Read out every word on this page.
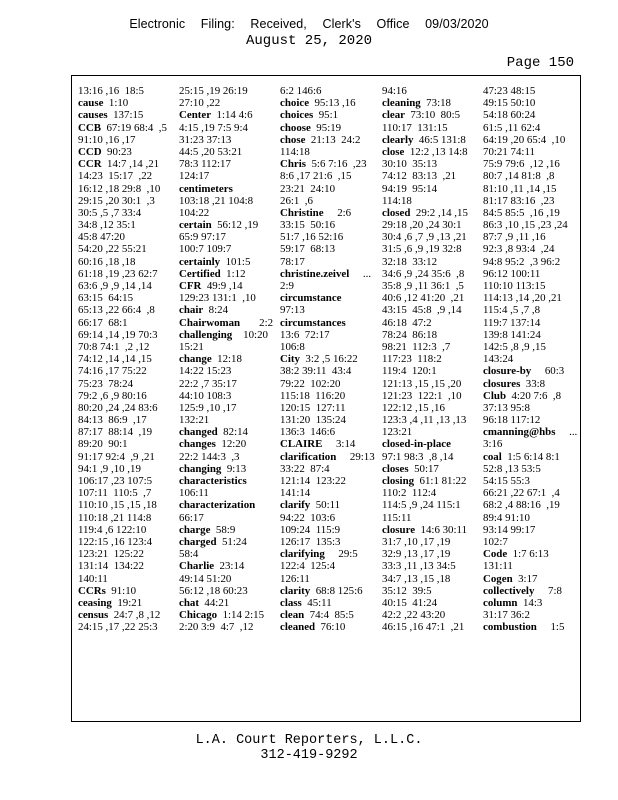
Electronic Filing: Received, Clerk's Office 09/03/2020
August 25, 2020
Page 150
13:16 ,16  18:5
cause  1:10
causes  137:15
CCB  67:19 68:4  ,5
91:10 ,16 ,17
CCD  90:23
CCR  14:7 ,14 ,21
14:23  15:17  ,22
16:12 ,18 29:8  ,10
29:15 ,20 30:1  ,3
30:5 ,5 ,7 33:4
34:8 ,12 35:1
45:8 47:20
54:20 ,22 55:21
60:16 ,18 ,18
61:18 ,19 ,23 62:7
63:6 ,9 ,9 ,14 ,14
63:15  64:15
65:13 ,22 66:4  ,8
66:17  68:1
69:14 ,14 ,19 70:3
70:8 74:1  ,2 ,12
74:12 ,14 ,14 ,15
74:16 ,17 75:22
75:23  78:24
79:2 ,6 ,9 80:16
80:20 ,24 ,24 83:6
84:13  86:9  ,17
87:17  88:14  ,19
89:20  90:1
91:17 92:4  ,9 ,21
94:1 ,9 ,10 ,19
106:17 ,23 107:5
107:11  110:5  ,7
110:10 ,15 ,15 ,18
110:18 ,21 114:8
119:4 ,6 122:10
122:15 ,16 123:4
123:21  125:22
131:14  134:22
140:11
CCRs  91:10
ceasing  19:21
census  24:7 ,8 ,12
24:15 ,17 ,22 25:3
25:15 ,19 26:19
27:10 ,22
Center  1:14 4:6
4:15 ,19 7:5 9:4
31:23 37:13
44:5 ,20 53:21
78:3 112:17
124:17
centimeters
103:18 ,21 104:8
104:22
certain  56:12 ,19
65:9 97:17
100:7 109:7
certainly  101:5
Certified  1:12
CFR  49:9 ,14
129:23 131:1  ,10
chair  8:24
Chairwoman       2:2
challenging    10:20
15:21
change  12:18
14:22 15:23
22:2 ,7 35:17
44:10 108:3
125:9 ,10 ,17
132:21
changed  82:14
changes  12:20
22:2 144:3  ,3
changing  9:13
characteristics
106:11
characterization
66:17
charge  58:9
charged  51:24
58:4
Charlie  23:14
49:14 51:20
56:12 ,18 60:23
chat  44:21
Chicago  1:14 2:15
2:20 3:9  4:7  ,12
6:2 146:6
choice  95:13 ,16
choices  95:1
choose  95:19
chose  21:13  24:2
114:18
Chris  5:6 7:16  ,23
8:6 ,17 21:6  ,15
23:21  24:10
26:1  ,6
Christine     2:6
33:15  50:16
51:7 ,16 52:16
59:17  68:13
78:17
christine.zeivel     ...
2:9
circumstance
97:13
circumstances
13:6  72:17
106:8
City  3:2 ,5 16:22
38:2 39:11  43:4
79:22  102:20
115:18  116:20
120:15  127:11
131:20  135:24
136:3  146:6
CLAIRE     3:14
clarification     29:13
33:22  87:4
121:14  123:22
141:14
clarify  50:11
94:22  103:6
109:24  115:9
126:17  135:3
clarifying     29:5
122:4  125:4
126:11
clarity  68:8 125:6
class  45:11
clean  74:4  85:5
cleaned  76:10
94:16
cleaning  73:18
clear  73:10  80:5
110:17  131:15
clearly  46:5 131:8
close  12:2 ,13 14:8
30:10  35:13
74:12  83:13  ,21
94:19  95:14
114:18
closed  29:2 ,14 ,15
29:18 ,20 ,24 30:1
30:4 ,6 ,7 ,9 ,13 ,21
31:5 ,6 ,9 ,19 32:8
32:18  33:12
34:6 ,9 ,24 35:6  ,8
35:8 ,9 ,11 36:1  ,5
40:6 ,12 41:20  ,21
43:15  45:8  ,9 ,14
46:18  47:2
78:24  86:18
98:21  112:3  ,7
117:23  118:2
119:4  120:1
121:13 ,15 ,15 ,20
121:23  122:1  ,10
122:12 ,15 ,16
123:3 ,4 ,11 ,13 ,13
123:21
closed-in-place
97:1 98:3  ,8 ,14
closes  50:17
closing  61:1 81:22
110:2  112:4
114:5 ,9 ,24 115:1
115:11
closure  14:6 30:11
31:7 ,10 ,17 ,19
32:9 ,13 ,17 ,19
33:3 ,11 ,13 34:5
34:7 ,13 ,15 ,18
35:12  39:5
40:15  41:24
42:2 ,22 43:20
46:15 ,16 47:1  ,21
47:23 48:15
49:15 50:10
54:18 60:24
61:5 ,11 62:4
64:19 ,20 65:4  ,10
70:21 74:11
75:9 79:6  ,12 ,16
80:7 ,14 81:8  ,8
81:10 ,11 ,14 ,15
81:17 83:16  ,23
84:5 85:5  ,16 ,19
86:3 ,10 ,15 ,23 ,24
87:7 ,9 ,11 ,16
92:3 ,8 93:4  ,24
94:8 95:2  ,3 96:2
96:12 100:11
110:10 113:15
114:13 ,14 ,20 ,21
115:4 ,5 ,7 ,8
119:7 137:14
139:8 141:24
142:5 ,8 ,9 ,15
143:24
closure-by     60:3
closures  33:8
Club  4:20 7:6  ,8
37:13 95:8
96:18 117:12
cmanning@hbs     ...
3:16
coal  1:5 6:14 8:1
52:8 ,13 53:5
54:15 55:3
66:21 ,22 67:1  ,4
68:2 ,4 88:16  ,19
89:4 91:10
93:14 99:17
102:7
Code  1:7 6:13
131:11
Cogen  3:17
collectively     7:8
column  14:3
31:17 36:2
combustion     1:5
L.A. Court Reporters, L.L.C.
312-419-9292
